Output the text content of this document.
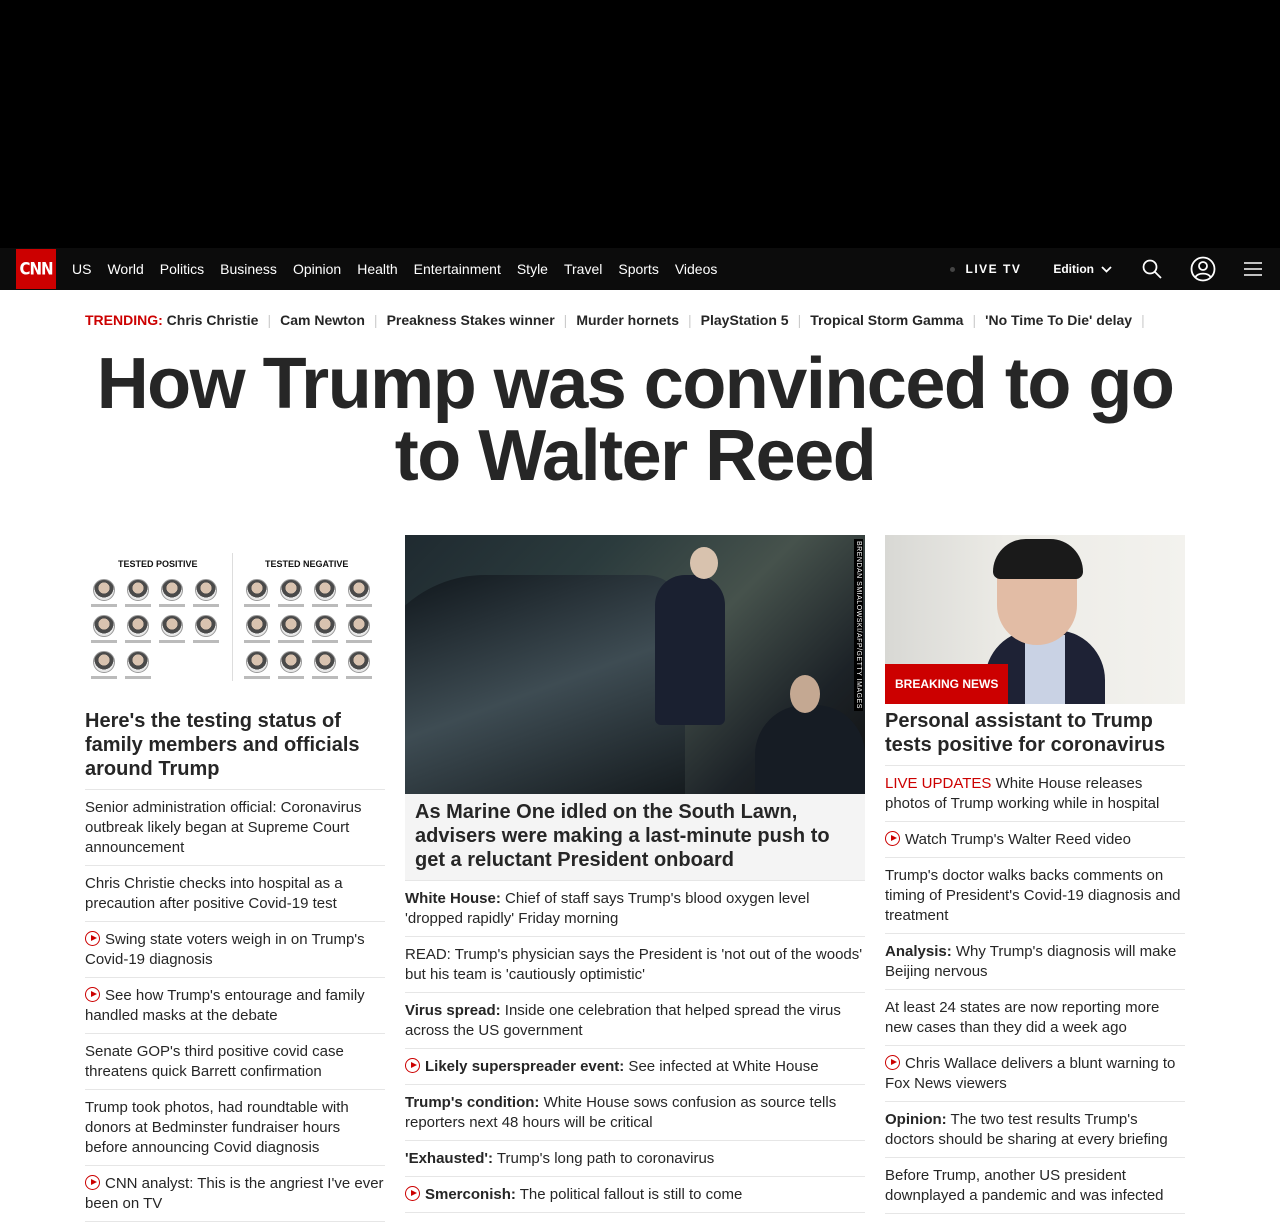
CNN US World Politics Business Opinion Health Entertainment Style Travel Sports Videos	LIVE TV	Edition
TRENDING: Chris Christie | Cam Newton | Preakness Stakes winner | Murder hornets | PlayStation 5 | Tropical Storm Gamma | 'No Time To Die' delay |
How Trump was convinced to go to Walter Reed
TESTED POSITIVE	TESTED NEGATIVE
Here's the testing status of family members and officials around Trump
Senior administration official: Coronavirus outbreak likely began at Supreme Court announcement
Chris Christie checks into hospital as a precaution after positive Covid-19 test
Swing state voters weigh in on Trump's Covid-19 diagnosis
See how Trump's entourage and family handled masks at the debate
Senate GOP's third positive covid case threatens quick Barrett confirmation
Trump took photos, had roundtable with donors at Bedminster fundraiser hours before announcing Covid diagnosis
CNN analyst: This is the angriest I've ever been on TV
BRENDAN SMIALOWSKI/AFP/GETTY IMAGES
As Marine One idled on the South Lawn, advisers were making a last-minute push to get a reluctant President onboard
White House: Chief of staff says Trump's blood oxygen level 'dropped rapidly' Friday morning
READ: Trump's physician says the President is 'not out of the woods' but his team is 'cautiously optimistic'
Virus spread: Inside one celebration that helped spread the virus across the US government
Likely superspreader event: See infected at White House
Trump's condition: White House sows confusion as source tells reporters next 48 hours will be critical
'Exhausted': Trump's long path to coronavirus
Smerconish: The political fallout is still to come
BREAKING NEWS
Personal assistant to Trump tests positive for coronavirus
LIVE UPDATES White House releases photos of Trump working while in hospital
Watch Trump's Walter Reed video
Trump's doctor walks backs comments on timing of President's Covid-19 diagnosis and treatment
Analysis: Why Trump's diagnosis will make Beijing nervous
At least 24 states are now reporting more new cases than they did a week ago
Chris Wallace delivers a blunt warning to Fox News viewers
Opinion: The two test results Trump's doctors should be sharing at every briefing
Before Trump, another US president downplayed a pandemic and was infected
